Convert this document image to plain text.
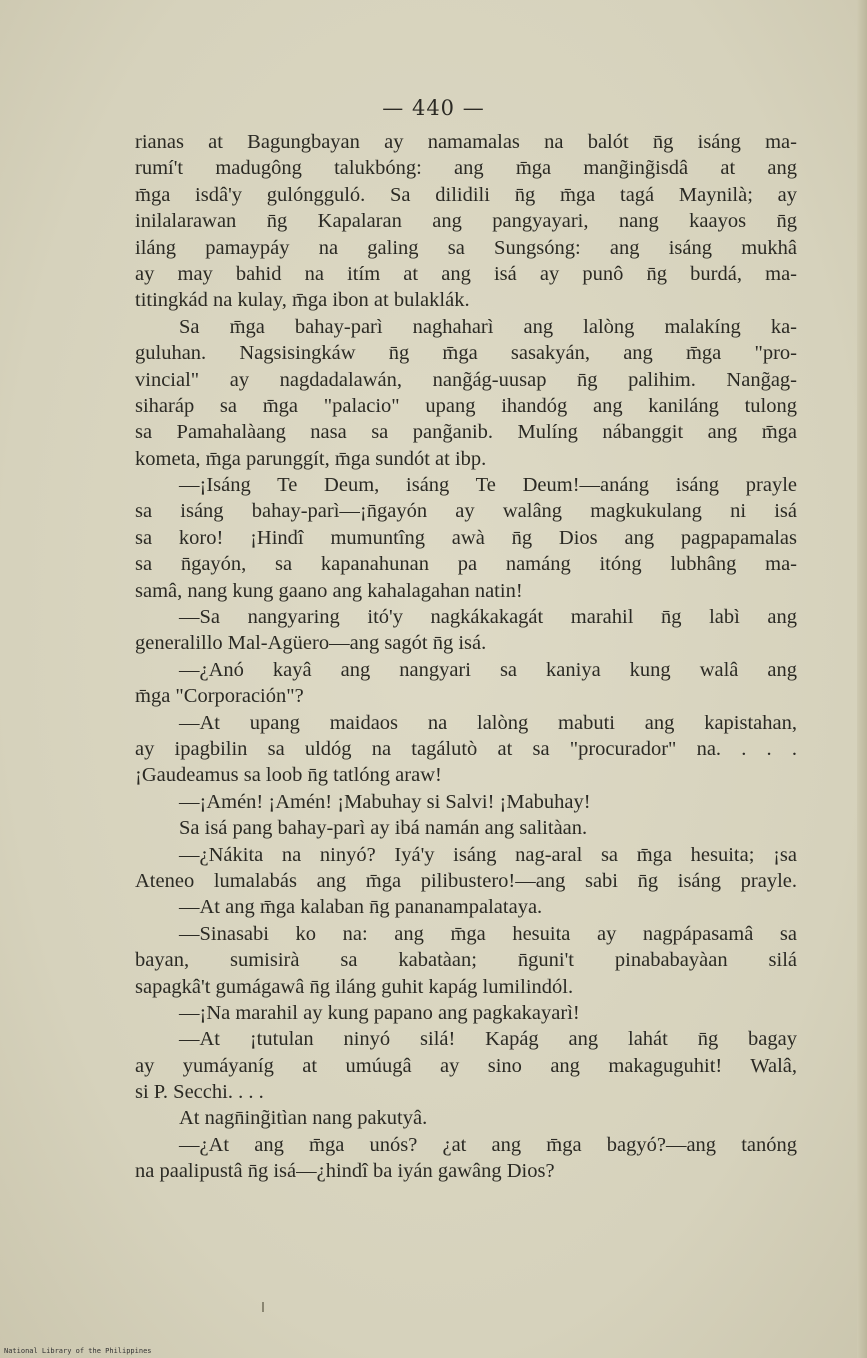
— 440 —
rianas at Bagungbayan ay namamalas na balót n̄g isáng ma-
rumí't madugông talukbóng: ang m̄ga mang̃ing̃isdâ at ang
m̄ga isdâ'y gulóngguló. Sa dilidili n̄g m̄ga tagá Maynilà; ay
inilalarawan n̄g Kapalaran ang pangyayari, nang kaayos n̄g
iláng pamaypáy na galing sa Sungsóng: ang isáng mukhâ
ay may bahid na itím at ang isá ay punô n̄g burdá, ma-
titingkád na kulay, m̄ga ibon at bulaklák.
Sa m̄ga bahay-parì naghaharì ang lalòng malakíng ka-
guluhan. Nagsisingkáw n̄g m̄ga sasakyán, ang m̄ga "pro-
vincial" ay nagdadalawán, nang̃ág-uusap n̄g palihim. Nang̃ag-
siharáp sa m̄ga "palacio" upang ihandóg ang kaniláng tulong
sa Pamahalàang nasa sa pang̃anib. Mulíng nábanggit ang m̄ga
kometa, m̄ga parunggít, m̄ga sundót at ibp.
—¡Isáng Te Deum, isáng Te Deum!—anáng isáng prayle
sa isáng bahay-parì—¡n̄gayón ay walâng magkukulang ni isá
sa koro! ¡Hindî mumuntîng awà n̄g Dios ang pagpapamalas
sa n̄gayón, sa kapanahunan pa namáng itóng lubhâng ma-
samâ, nang kung gaano ang kahalagahan natin!
—Sa nangyaring itó'y nagkákakagát marahil n̄g labì ang
generalillo Mal-Agüero—ang sagót n̄g isá.
—¿Anó kayâ ang nangyari sa kaniya kung walâ ang
m̄ga "Corporación"?
—At upang maidaos na lalòng mabuti ang kapistahan,
ay ipagbilin sa uldóg na tagálutò at sa "procurador" na. . . .
¡Gaudeamus sa loob n̄g tatlóng araw!
—¡Amén! ¡Amén! ¡Mabuhay si Salvi! ¡Mabuhay!
Sa isá pang bahay-parì ay ibá namán ang salitàan.
—¿Nákita na ninyó? Iyá'y isáng nag-aral sa m̄ga hesuita; ¡sa
Ateneo lumalabás ang m̄ga pilibustero!—ang sabi n̄g isáng prayle.
—At ang m̄ga kalaban n̄g pananampalataya.
—Sinasabi ko na: ang m̄ga hesuita ay nagpápasamâ sa
bayan, sumisirà sa kabatàan; n̄guni't pinababayàan silá
sapagkâ't gumágawâ n̄g iláng guhit kapág lumilindól.
—¡Na marahil ay kung papano ang pagkakayarì!
—At ¡tutulan ninyó silá! Kapág ang lahát n̄g bagay
ay yumáyaníg at umúugâ ay sino ang makaguguhit! Walâ,
si P. Secchi. . . .
At nagn̄ing̃itìan nang pakutyâ.
—¿At ang m̄ga unós? ¿at ang m̄ga bagyó?—ang tanóng
na paalipustâ n̄g isá—¿hindî ba iyán gawâng Dios?
National Library of the Philippines
